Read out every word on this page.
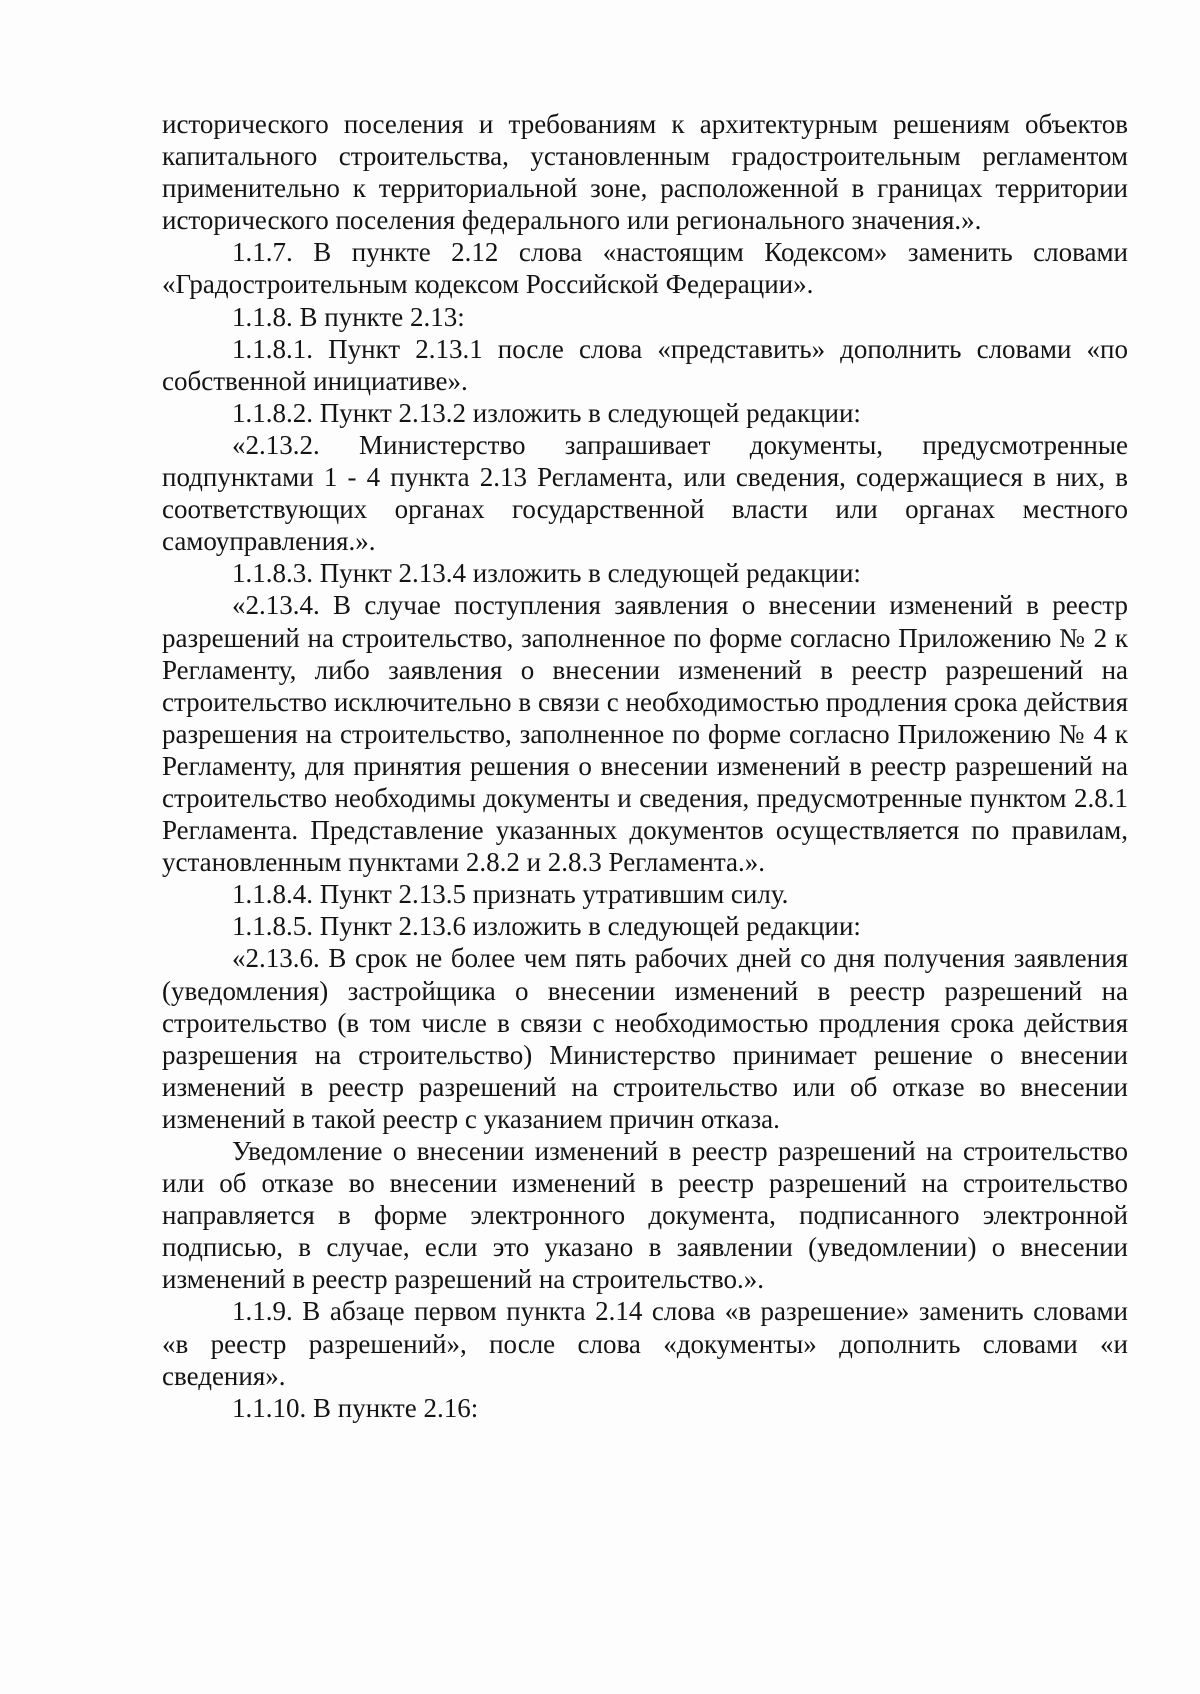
исторического поселения и требованиям к архитектурным решениям объектов капитального строительства, установленным градостроительным регламентом применительно к территориальной зоне, расположенной в границах территории исторического поселения федерального или регионального значения.».

1.1.7. В пункте 2.12 слова «настоящим Кодексом» заменить словами «Градостроительным кодексом Российской Федерации».

1.1.8. В пункте 2.13:

1.1.8.1. Пункт 2.13.1 после слова «представить» дополнить словами «по собственной инициативе».

1.1.8.2. Пункт 2.13.2 изложить в следующей редакции:

«2.13.2. Министерство запрашивает документы, предусмотренные подпунктами 1 - 4 пункта 2.13 Регламента, или сведения, содержащиеся в них, в соответствующих органах государственной власти или органах местного самоуправления.».

1.1.8.3. Пункт 2.13.4 изложить в следующей редакции:

«2.13.4. В случае поступления заявления о внесении изменений в реестр разрешений на строительство, заполненное по форме согласно Приложению № 2 к Регламенту, либо заявления о внесении изменений в реестр разрешений на строительство исключительно в связи с необходимостью продления срока действия разрешения на строительство, заполненное по форме согласно Приложению № 4 к Регламенту, для принятия решения о внесении изменений в реестр разрешений на строительство необходимы документы и сведения, предусмотренные пунктом 2.8.1 Регламента. Представление указанных документов осуществляется по правилам, установленным пунктами 2.8.2 и 2.8.3 Регламента.».

1.1.8.4. Пункт 2.13.5 признать утратившим силу.

1.1.8.5. Пункт 2.13.6 изложить в следующей редакции:

«2.13.6. В срок не более чем пять рабочих дней со дня получения заявления (уведомления) застройщика о внесении изменений в реестр разрешений на строительство (в том числе в связи с необходимостью продления срока действия разрешения на строительство) Министерство принимает решение о внесении изменений в реестр разрешений на строительство или об отказе во внесении изменений в такой реестр с указанием причин отказа.

Уведомление о внесении изменений в реестр разрешений на строительство или об отказе во внесении изменений в реестр разрешений на строительство направляется в форме электронного документа, подписанного электронной подписью, в случае, если это указано в заявлении (уведомлении) о внесении изменений в реестр разрешений на строительство.».

1.1.9. В абзаце первом пункта 2.14 слова «в разрешение» заменить словами «в реестр разрешений», после слова «документы» дополнить словами «и сведения».

1.1.10. В пункте 2.16:
